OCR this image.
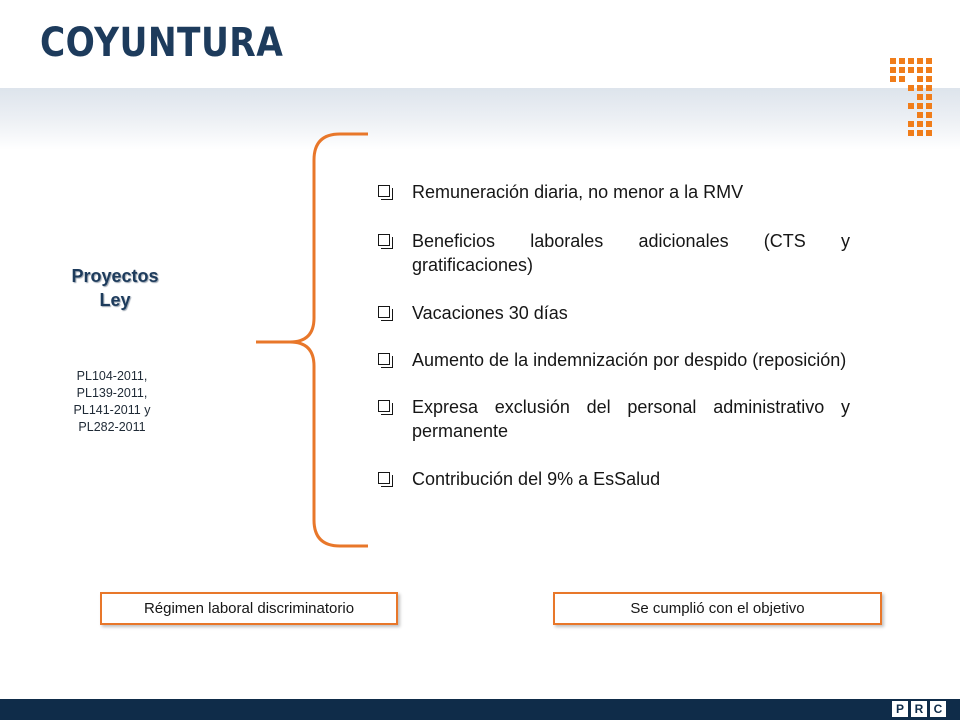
COYUNTURA
Proyectos
Ley
PL104-2011,
PL139-2011,
PL141-2011 y
PL282-2011
Remuneración diaria, no menor a la RMV
Beneficios laborales adicionales (CTS y gratificaciones)
Vacaciones 30 días
Aumento de la indemnización por despido (reposición)
Expresa exclusión del personal administrativo y permanente
Contribución del 9% a EsSalud
Régimen laboral discriminatorio	Se cumplió con el objetivo
P R C
